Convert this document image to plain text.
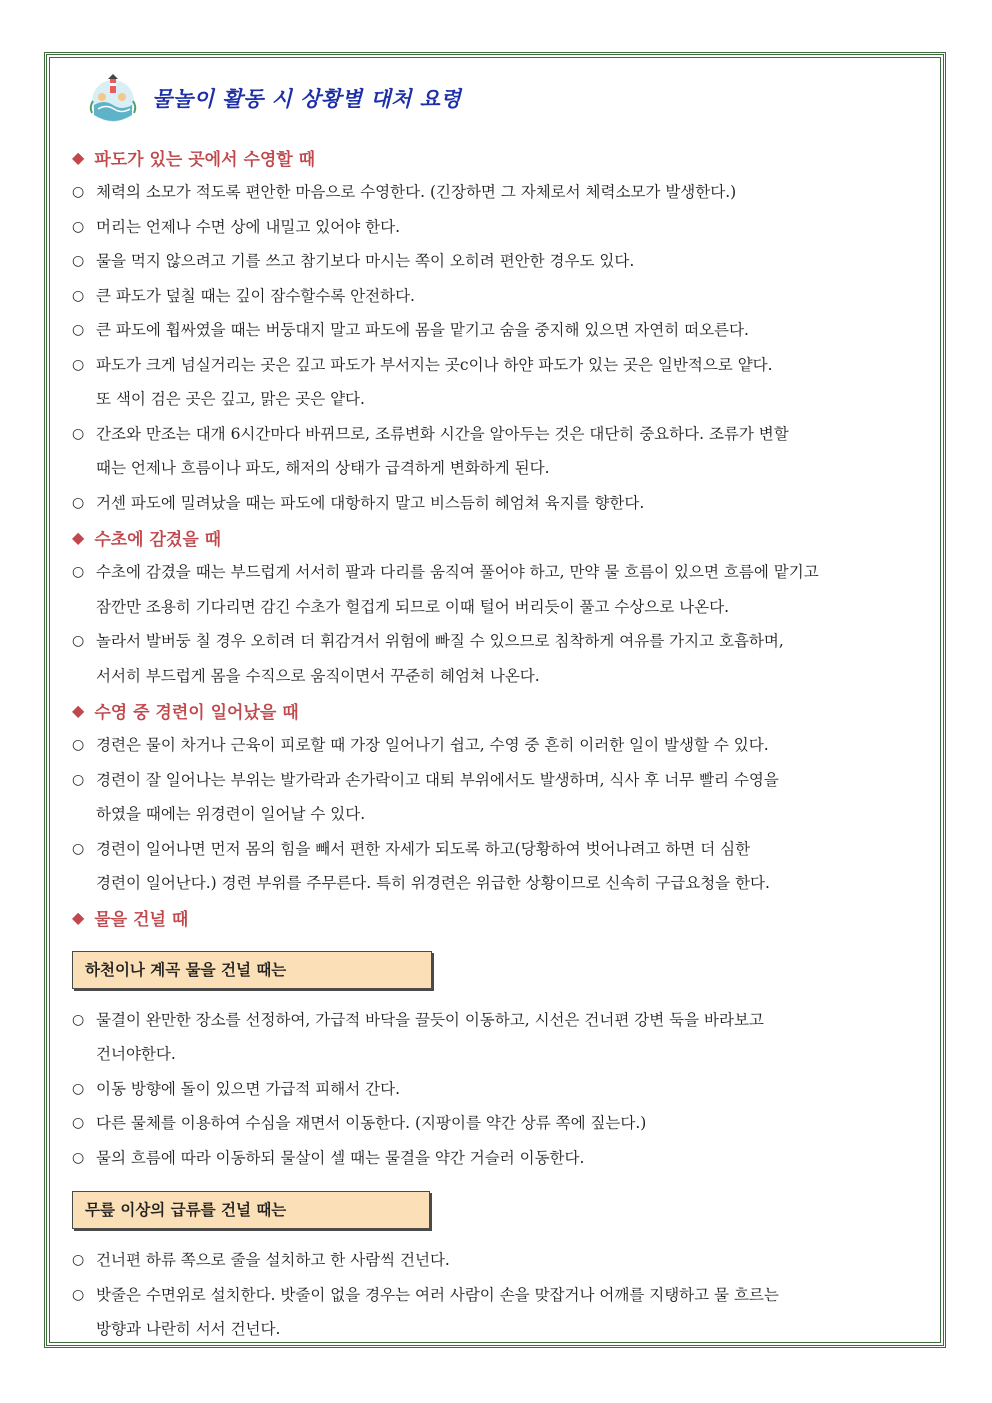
물놀이 활동 시 상황별 대처 요령
◆ 파도가 있는 곳에서 수영할 때
○ 체력의 소모가 적도록 편안한 마음으로 수영한다. (긴장하면 그 자체로서 체력소모가 발생한다.)
○ 머리는 언제나 수면 상에 내밀고 있어야 한다.
○ 물을 먹지 않으려고 기를 쓰고 참기보다 마시는 쪽이 오히려 편안한 경우도 있다.
○ 큰 파도가 덮칠 때는 깊이 잠수할수록 안전하다.
○ 큰 파도에 휩싸였을 때는 버둥대지 말고 파도에 몸을 맡기고 숨을 중지해 있으면 자연히 떠오른다.
○ 파도가 크게 넘실거리는 곳은 깊고 파도가 부서지는 곳c이나 하얀 파도가 있는 곳은 일반적으로 얕다.
또 색이 검은 곳은 깊고, 맑은 곳은 얕다.
○ 간조와 만조는 대개 6시간마다 바뀌므로, 조류변화 시간을 알아두는 것은 대단히 중요하다. 조류가 변할
때는 언제나 흐름이나 파도, 해저의 상태가 급격하게 변화하게 된다.
○ 거센 파도에 밀려났을 때는 파도에 대항하지 말고 비스듬히 헤엄쳐 육지를 향한다.
◆ 수초에 감겼을 때
○ 수초에 감겼을 때는 부드럽게 서서히 팔과 다리를 움직여 풀어야 하고, 만약 물 흐름이 있으면 흐름에 맡기고
잠깐만 조용히 기다리면 감긴 수초가 헐겁게 되므로 이때 털어 버리듯이 풀고 수상으로 나온다.
○ 놀라서 발버둥 칠 경우 오히려 더 휘감겨서 위험에 빠질 수 있으므로 침착하게 여유를 가지고 호흡하며,
서서히 부드럽게 몸을 수직으로 움직이면서 꾸준히 헤엄쳐 나온다.
◆ 수영 중 경련이 일어났을 때
○ 경련은 물이 차거나 근육이 피로할 때 가장 일어나기 쉽고, 수영 중 흔히 이러한 일이 발생할 수 있다.
○ 경련이 잘 일어나는 부위는 발가락과 손가락이고 대퇴 부위에서도 발생하며, 식사 후 너무 빨리 수영을
하였을 때에는 위경련이 일어날 수 있다.
○ 경련이 일어나면 먼저 몸의 힘을 빼서 편한 자세가 되도록 하고(당황하여 벗어나려고 하면 더 심한
경련이 일어난다.) 경련 부위를 주무른다. 특히 위경련은 위급한 상황이므로 신속히 구급요청을 한다.
◆ 물을 건널 때
하천이나 계곡 물을 건널 때는
○ 물결이 완만한 장소를 선정하여, 가급적 바닥을 끌듯이 이동하고, 시선은 건너편 강변 둑을 바라보고
건너야한다.
○ 이동 방향에 돌이 있으면 가급적 피해서 간다.
○ 다른 물체를 이용하여 수심을 재면서 이동한다. (지팡이를 약간 상류 쪽에 짚는다.)
○ 물의 흐름에 따라 이동하되 물살이 셀 때는 물결을 약간 거슬러 이동한다.
무릎 이상의 급류를 건널 때는
○ 건너편 하류 쪽으로 줄을 설치하고 한 사람씩 건넌다.
○ 밧줄은 수면위로 설치한다. 밧줄이 없을 경우는 여러 사람이 손을 맞잡거나 어깨를 지탱하고 물 흐르는
방향과 나란히 서서 건넌다.
